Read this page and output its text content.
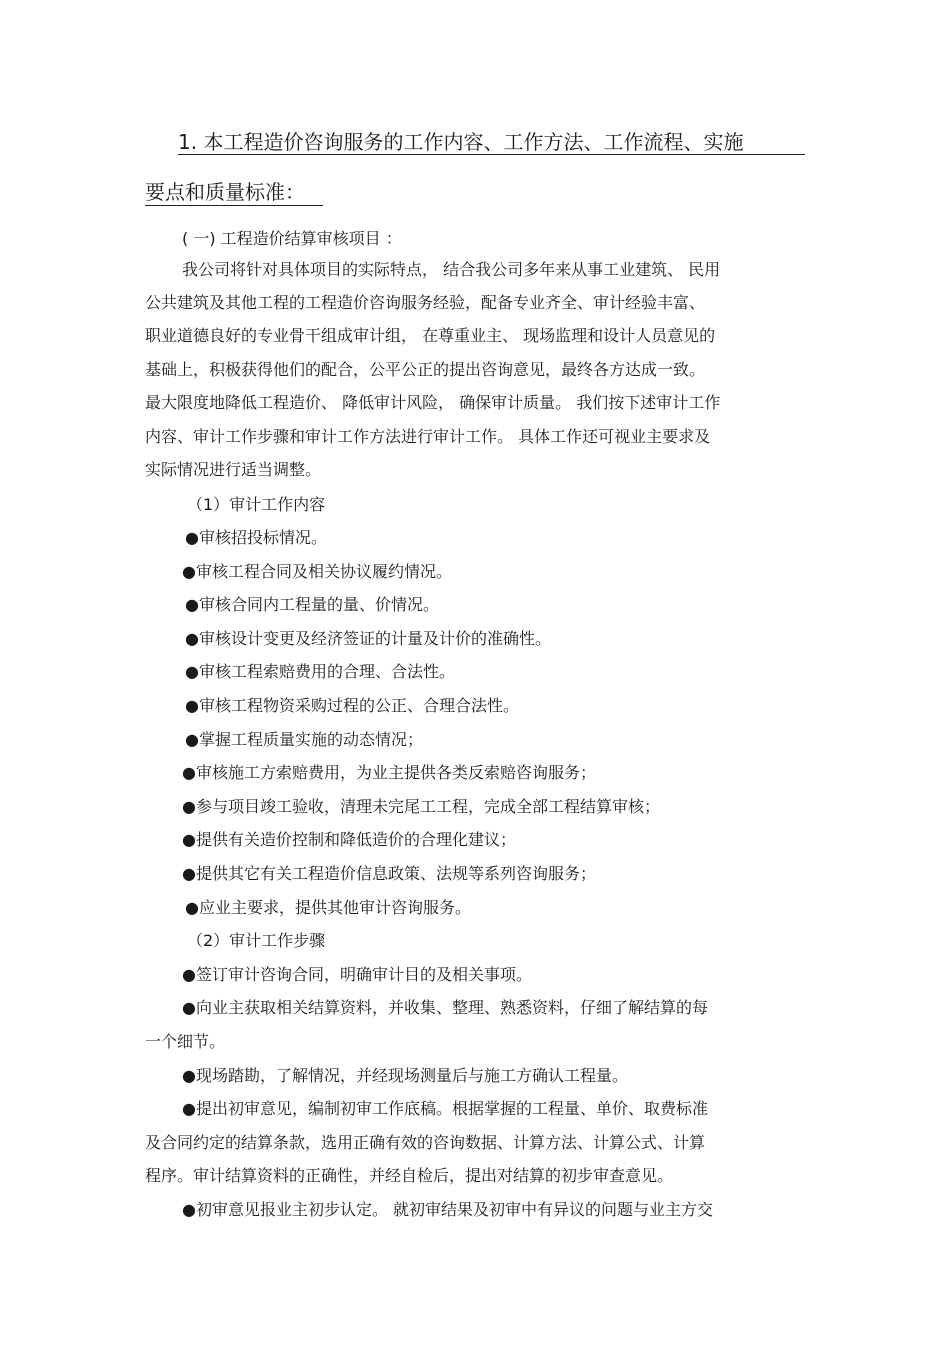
1. 本工程造价咨询服务的工作内容、工作方法、工作流程、实施
要点和质量标准：
( 一) 工程造价结算审核项目 ：
我公司将针对具体项目的实际特点， 结合我公司多年来从事工业建筑、 民用
公共建筑及其他工程的工程造价咨询服务经验，配备专业齐全、审计经验丰富、
职业道德良好的专业骨干组成审计组， 在尊重业主、 现场监理和设计人员意见的
基础上，积极获得他们的配合，公平公正的提出咨询意见，最终各方达成一致。
最大限度地降低工程造价、 降低审计风险， 确保审计质量。 我们按下述审计工作
内容、审计工作步骤和审计工作方法进行审计工作。 具体工作还可视业主要求及
实际情况进行适当调整。
（1）审计工作内容
●审核招投标情况。
●审核工程合同及相关协议履约情况。
●审核合同内工程量的量、价情况。
●审核设计变更及经济签证的计量及计价的准确性。
●审核工程索赔费用的合理、合法性。
●审核工程物资采购过程的公正、合理合法性。
●掌握工程质量实施的动态情况；
●审核施工方索赔费用，为业主提供各类反索赔咨询服务；
●参与项目竣工验收，清理未完尾工工程，完成全部工程结算审核；
●提供有关造价控制和降低造价的合理化建议；
●提供其它有关工程造价信息政策、法规等系列咨询服务；
●应业主要求，提供其他审计咨询服务。
（2）审计工作步骤
●签订审计咨询合同，明确审计目的及相关事项。
●向业主获取相关结算资料，并收集、整理、熟悉资料，仔细了解结算的每
一个细节。
●现场踏勘，了解情况，并经现场测量后与施工方确认工程量。
●提出初审意见，编制初审工作底稿。根据掌握的工程量、单价、取费标准
及合同约定的结算条款，选用正确有效的咨询数据、计算方法、计算公式、计算
程序。审计结算资料的正确性，并经自检后，提出对结算的初步审查意见。
●初审意见报业主初步认定。 就初审结果及初审中有异议的问题与业主方交
